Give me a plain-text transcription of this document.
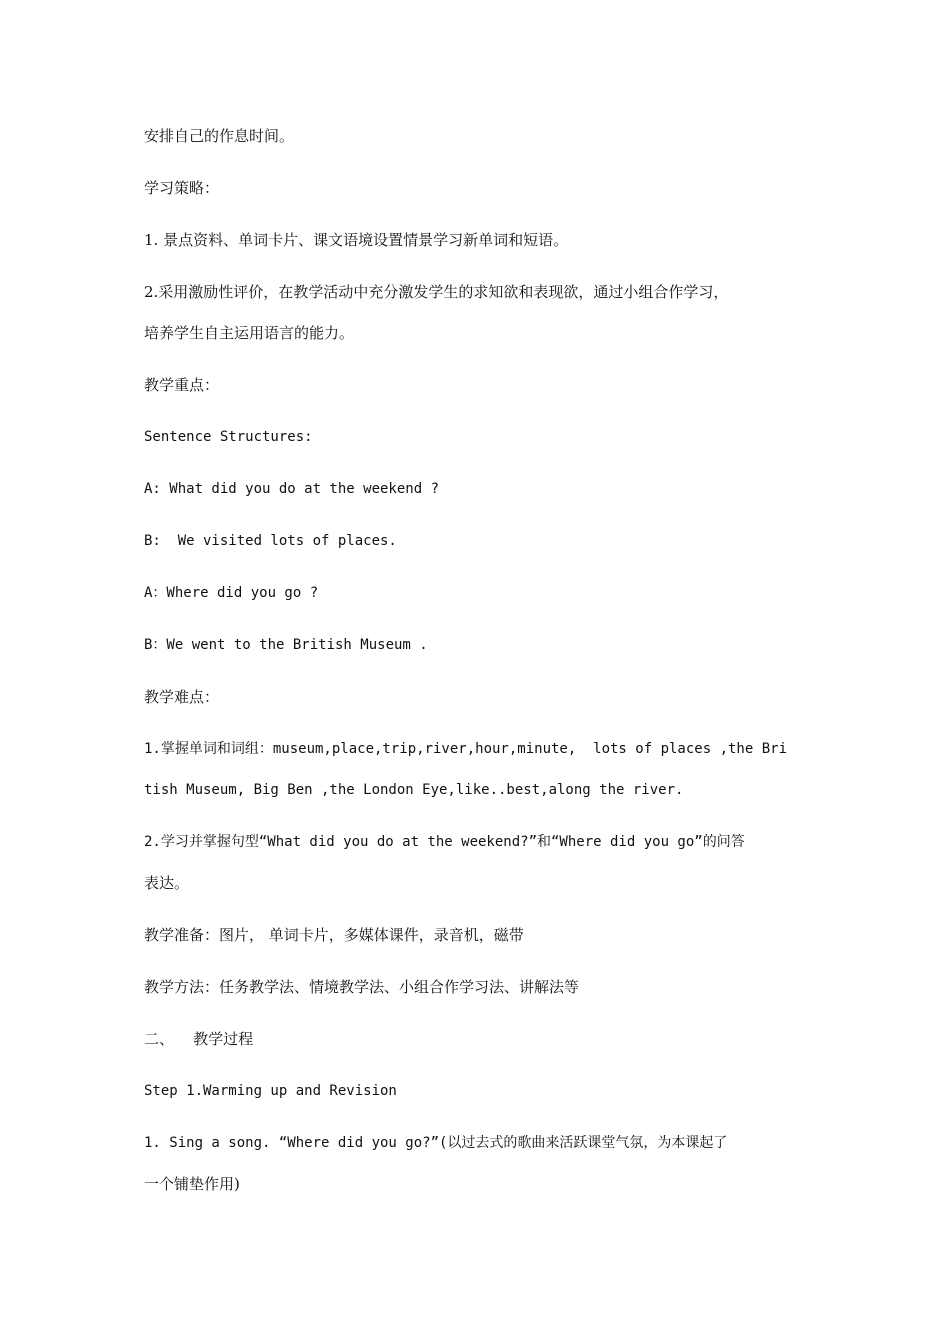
安排自己的作息时间。
学习策略：
1. 景点资料、单词卡片、课文语境设置情景学习新单词和短语。
2.采用激励性评价，在教学活动中充分激发学生的求知欲和表现欲，通过小组合作学习，
培养学生自主运用语言的能力。
教学重点：
Sentence Structures:
A: What did you do at the weekend ?
B:  We visited lots of places.
A：Where did you go ?
B：We went to the British Museum .
教学难点：
1.掌握单词和词组：museum,place,trip,river,hour,minute,  lots of places ,the Bri
tish Museum, Big Ben ,the London Eye,like..best,along the river.
2.学习并掌握句型“What did you do at the weekend?”和“Where did you go”的问答
表达。
教学准备：图片， 单词卡片，多媒体课件，录音机，磁带
教学方法：任务教学法、情境教学法、小组合作学习法、讲解法等
二、    教学过程
Step 1.Warming up and Revision
1. Sing a song. “Where did you go?”(以过去式的歌曲来活跃课堂气氛，为本课起了
一个铺垫作用)
